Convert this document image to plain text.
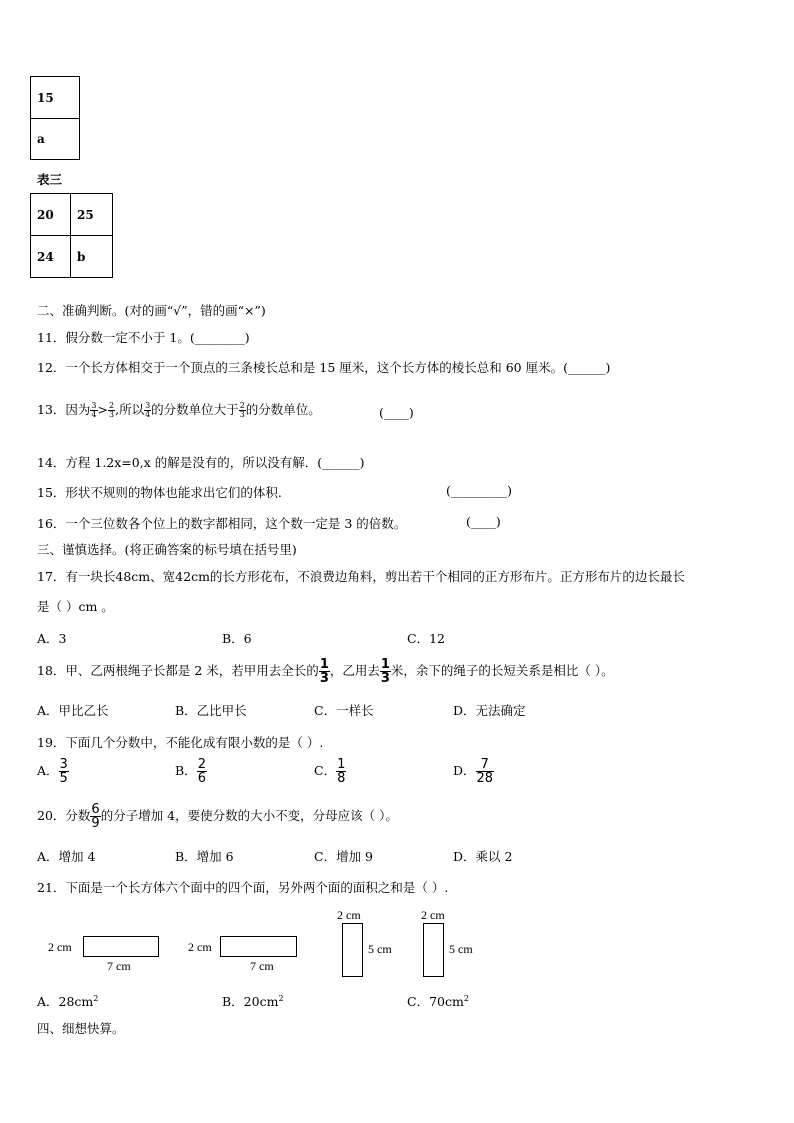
15
a
表三
20	25
24	b
二、准确判断。(对的画“√”，错的画“×”)
11．假分数一定不小于 1。(________)
12．一个长方体相交于一个顶点的三条棱长总和是 15 厘米，这个长方体的棱长总和 60 厘米。(______)
13．因为 $\frac{3}{4} > \frac{2}{3}$ ,所以 $\frac{3}{4}$ 的分数单位大于 $\frac{2}{3}$ 的分数单位。	(____)
14．方程 1.2x=0,x 的解是没有的，所以没有解．(______)
15．形状不规则的物体也能求出它们的体积.	(_________)
16．一个三位数各个位上的数字都相同，这个数一定是 3 的倍数。	(____)
三、谨慎选择。(将正确答案的标号填在括号里)
17．有一块长48cm、宽42cm的长方形花布，不浪费边角料，剪出若干个相同的正方形布片。正方形布片的边长最长
是（ ）cm 。
A．3	B．6	C．12
18．甲、乙两根绳子长都是 2 米，若甲用去全长的 $\frac{1}{3}$ ，乙用去 $\frac{1}{3}$ 米，余下的绳子的长短关系是相比（ ）。
A．甲比乙长	B．乙比甲长	C．一样长	D．无法确定
19．下面几个分数中，不能化成有限小数的是（ ）.
A． $\frac{3}{5}$	B． $\frac{2}{6}$	C． $\frac{1}{8}$	D． $\frac{7}{28}$
20．分数 $\frac{6}{9}$ 的分子增加 4，要使分数的大小不变，分母应该（ ）。
A．增加 4	B．增加 6	C．增加 9	D．乘以 2
21．下面是一个长方体六个面中的四个面，另外两个面的面积之和是（ ）.
2 cm
7 cm
2 cm
7 cm
2 cm
5 cm
2 cm
5 cm
A．$28cm^2$	B．$20cm^2$	C．$70cm^2$
四、细想快算。
